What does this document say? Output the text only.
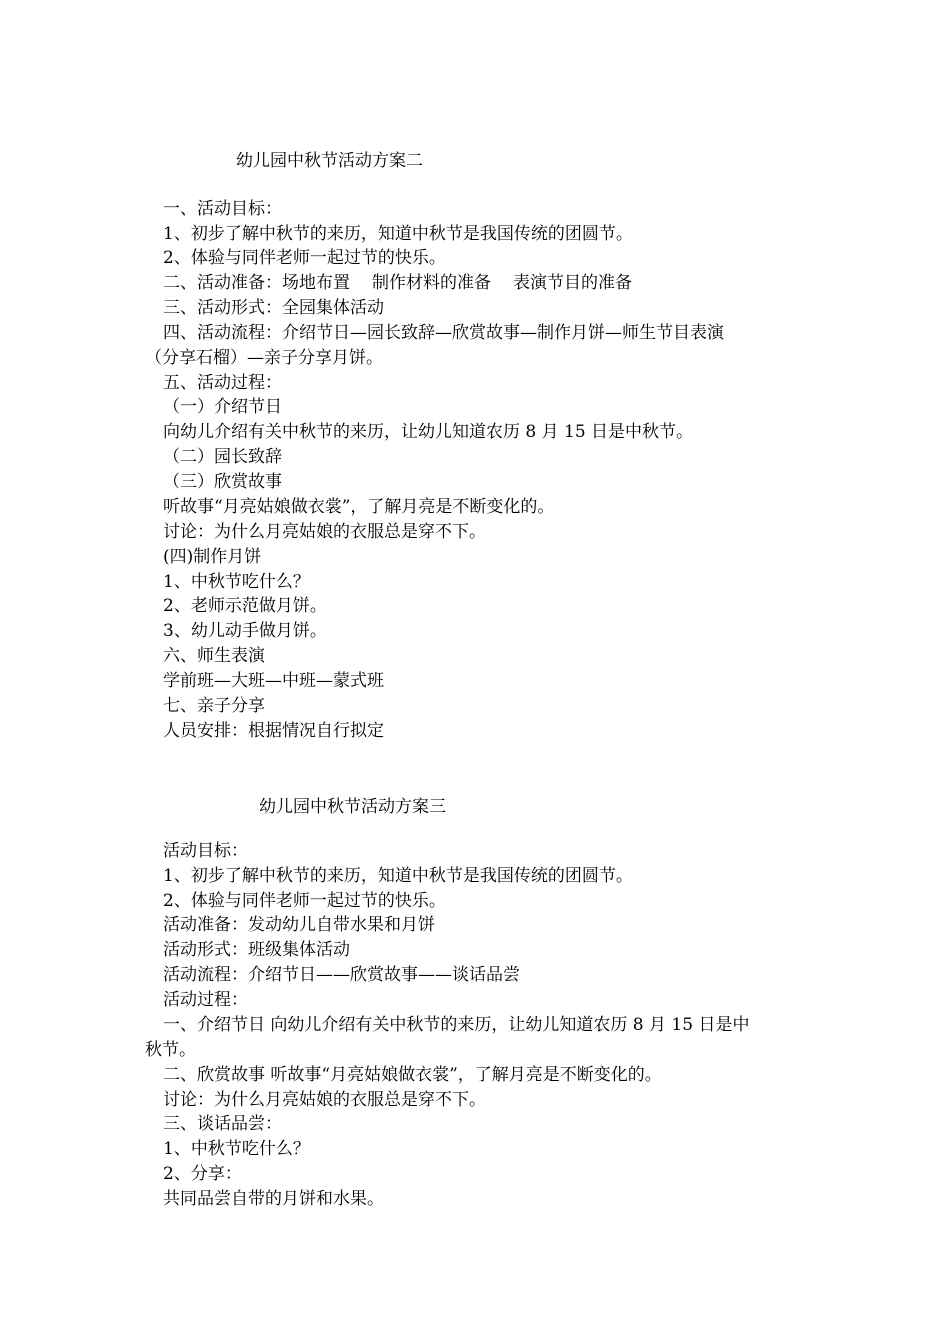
幼儿园中秋节活动方案二
一、活动目标：
1、初步了解中秋节的来历，知道中秋节是我国传统的团圆节。
2、体验与同伴老师一起过节的快乐。
二、活动准备：场地布置 制作材料的准备 表演节目的准备
三、活动形式：全园集体活动
四、活动流程：介绍节日—园长致辞—欣赏故事—制作月饼—师生节目表演
（分享石榴）—亲子分享月饼。
五、活动过程：
（一）介绍节日
向幼儿介绍有关中秋节的来历，让幼儿知道农历 8 月 15 日是中秋节。
（二）园长致辞
（三）欣赏故事
听故事“月亮姑娘做衣裳”，了解月亮是不断变化的。
讨论：为什么月亮姑娘的衣服总是穿不下。
(四)制作月饼
1、中秋节吃什么？
2、老师示范做月饼。
3、幼儿动手做月饼。
六、师生表演
学前班—大班—中班—蒙式班
七、亲子分享
人员安排：根据情况自行拟定
幼儿园中秋节活动方案三
活动目标：
1、初步了解中秋节的来历，知道中秋节是我国传统的团圆节。
2、体验与同伴老师一起过节的快乐。
活动准备：发动幼儿自带水果和月饼
活动形式：班级集体活动
活动流程：介绍节日——欣赏故事——谈话品尝
活动过程：
一、介绍节日 向幼儿介绍有关中秋节的来历，让幼儿知道农历 8 月 15 日是中
秋节。
二、欣赏故事 听故事“月亮姑娘做衣裳”，了解月亮是不断变化的。
讨论：为什么月亮姑娘的衣服总是穿不下。
三、谈话品尝：
1、中秋节吃什么？
2、分享：
共同品尝自带的月饼和水果。
